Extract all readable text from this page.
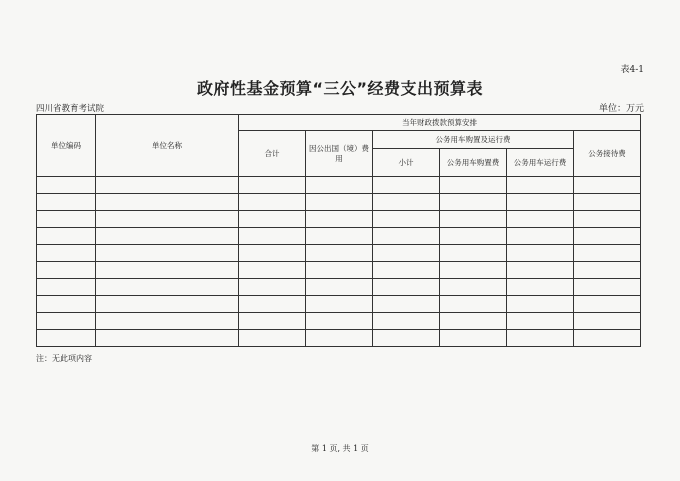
表4-1
政府性基金预算“三公”经费支出预算表
四川省教育考试院	单位：万元
单位编码	单位名称	当年财政拨款预算安排					
		合计	因公出国（境）费用	公务用车购置及运行费			公务接待费
				小计	公务用车购置费	公务用车运行费	

注：无此项内容
第 1 页, 共 1 页
